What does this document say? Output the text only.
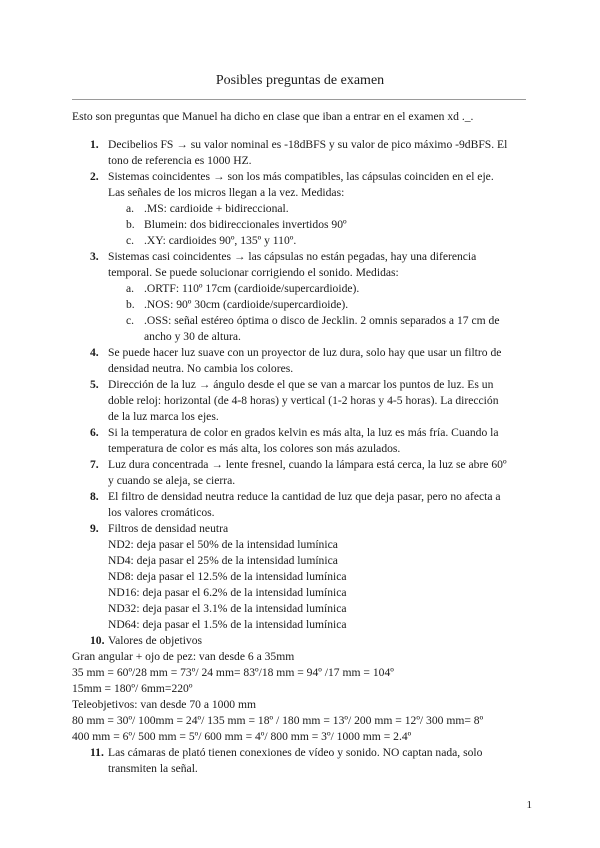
Posibles preguntas de examen
Esto son preguntas que Manuel ha dicho en clase que iban a entrar en el examen xd ._.
1. Decibelios FS → su valor nominal es -18dBFS y su valor de pico máximo -9dBFS. El
tono de referencia es 1000 HZ.
2. Sistemas coincidentes → son los más compatibles, las cápsulas coinciden en el eje.
Las señales de los micros llegan a la vez. Medidas:
a. .MS: cardioide + bidireccional.
b. Blumein: dos bidireccionales invertidos 90º
c. .XY: cardioides 90º, 135º y 110º.
3. Sistemas casi coincidentes → las cápsulas no están pegadas, hay una diferencia
temporal. Se puede solucionar corrigiendo el sonido. Medidas:
a. .ORTF: 110º 17cm (cardioide/supercardioide).
b. .NOS: 90º 30cm (cardioide/supercardioide).
c. .OSS: señal estéreo óptima o disco de Jecklin. 2 omnis separados a 17 cm de
ancho y 30 de altura.
4. Se puede hacer luz suave con un proyector de luz dura, solo hay que usar un filtro de
densidad neutra. No cambia los colores.
5. Dirección de la luz → ángulo desde el que se van a marcar los puntos de luz. Es un
doble reloj: horizontal (de 4-8 horas) y vertical (1-2 horas y 4-5 horas). La dirección
de la luz marca los ejes.
6. Si la temperatura de color en grados kelvin es más alta, la luz es más fría. Cuando la
temperatura de color es más alta, los colores son más azulados.
7. Luz dura concentrada → lente fresnel, cuando la lámpara está cerca, la luz se abre 60º
y cuando se aleja, se cierra.
8. El filtro de densidad neutra reduce la cantidad de luz que deja pasar, pero no afecta a
los valores cromáticos.
9. Filtros de densidad neutra
ND2: deja pasar el 50% de la intensidad lumínica
ND4: deja pasar el 25% de la intensidad lumínica
ND8: deja pasar el 12.5% de la intensidad lumínica
ND16: deja pasar el 6.2% de la intensidad lumínica
ND32: deja pasar el 3.1% de la intensidad lumínica
ND64: deja pasar el 1.5% de la intensidad lumínica
10. Valores de objetivos
Gran angular + ojo de pez: van desde 6 a 35mm
35 mm = 60º/28 mm = 73º/ 24 mm= 83º/18 mm = 94º /17 mm = 104º
15mm = 180º/ 6mm=220º
Teleobjetivos: van desde 70 a 1000 mm
80 mm = 30º/ 100mm = 24º/ 135 mm = 18º / 180 mm = 13º/ 200 mm = 12º/ 300 mm= 8º
400 mm = 6º/ 500 mm = 5º/ 600 mm = 4º/ 800 mm = 3º/ 1000 mm = 2.4º
11. Las cámaras de plató tienen conexiones de vídeo y sonido. NO captan nada, solo
transmiten la señal.
1
